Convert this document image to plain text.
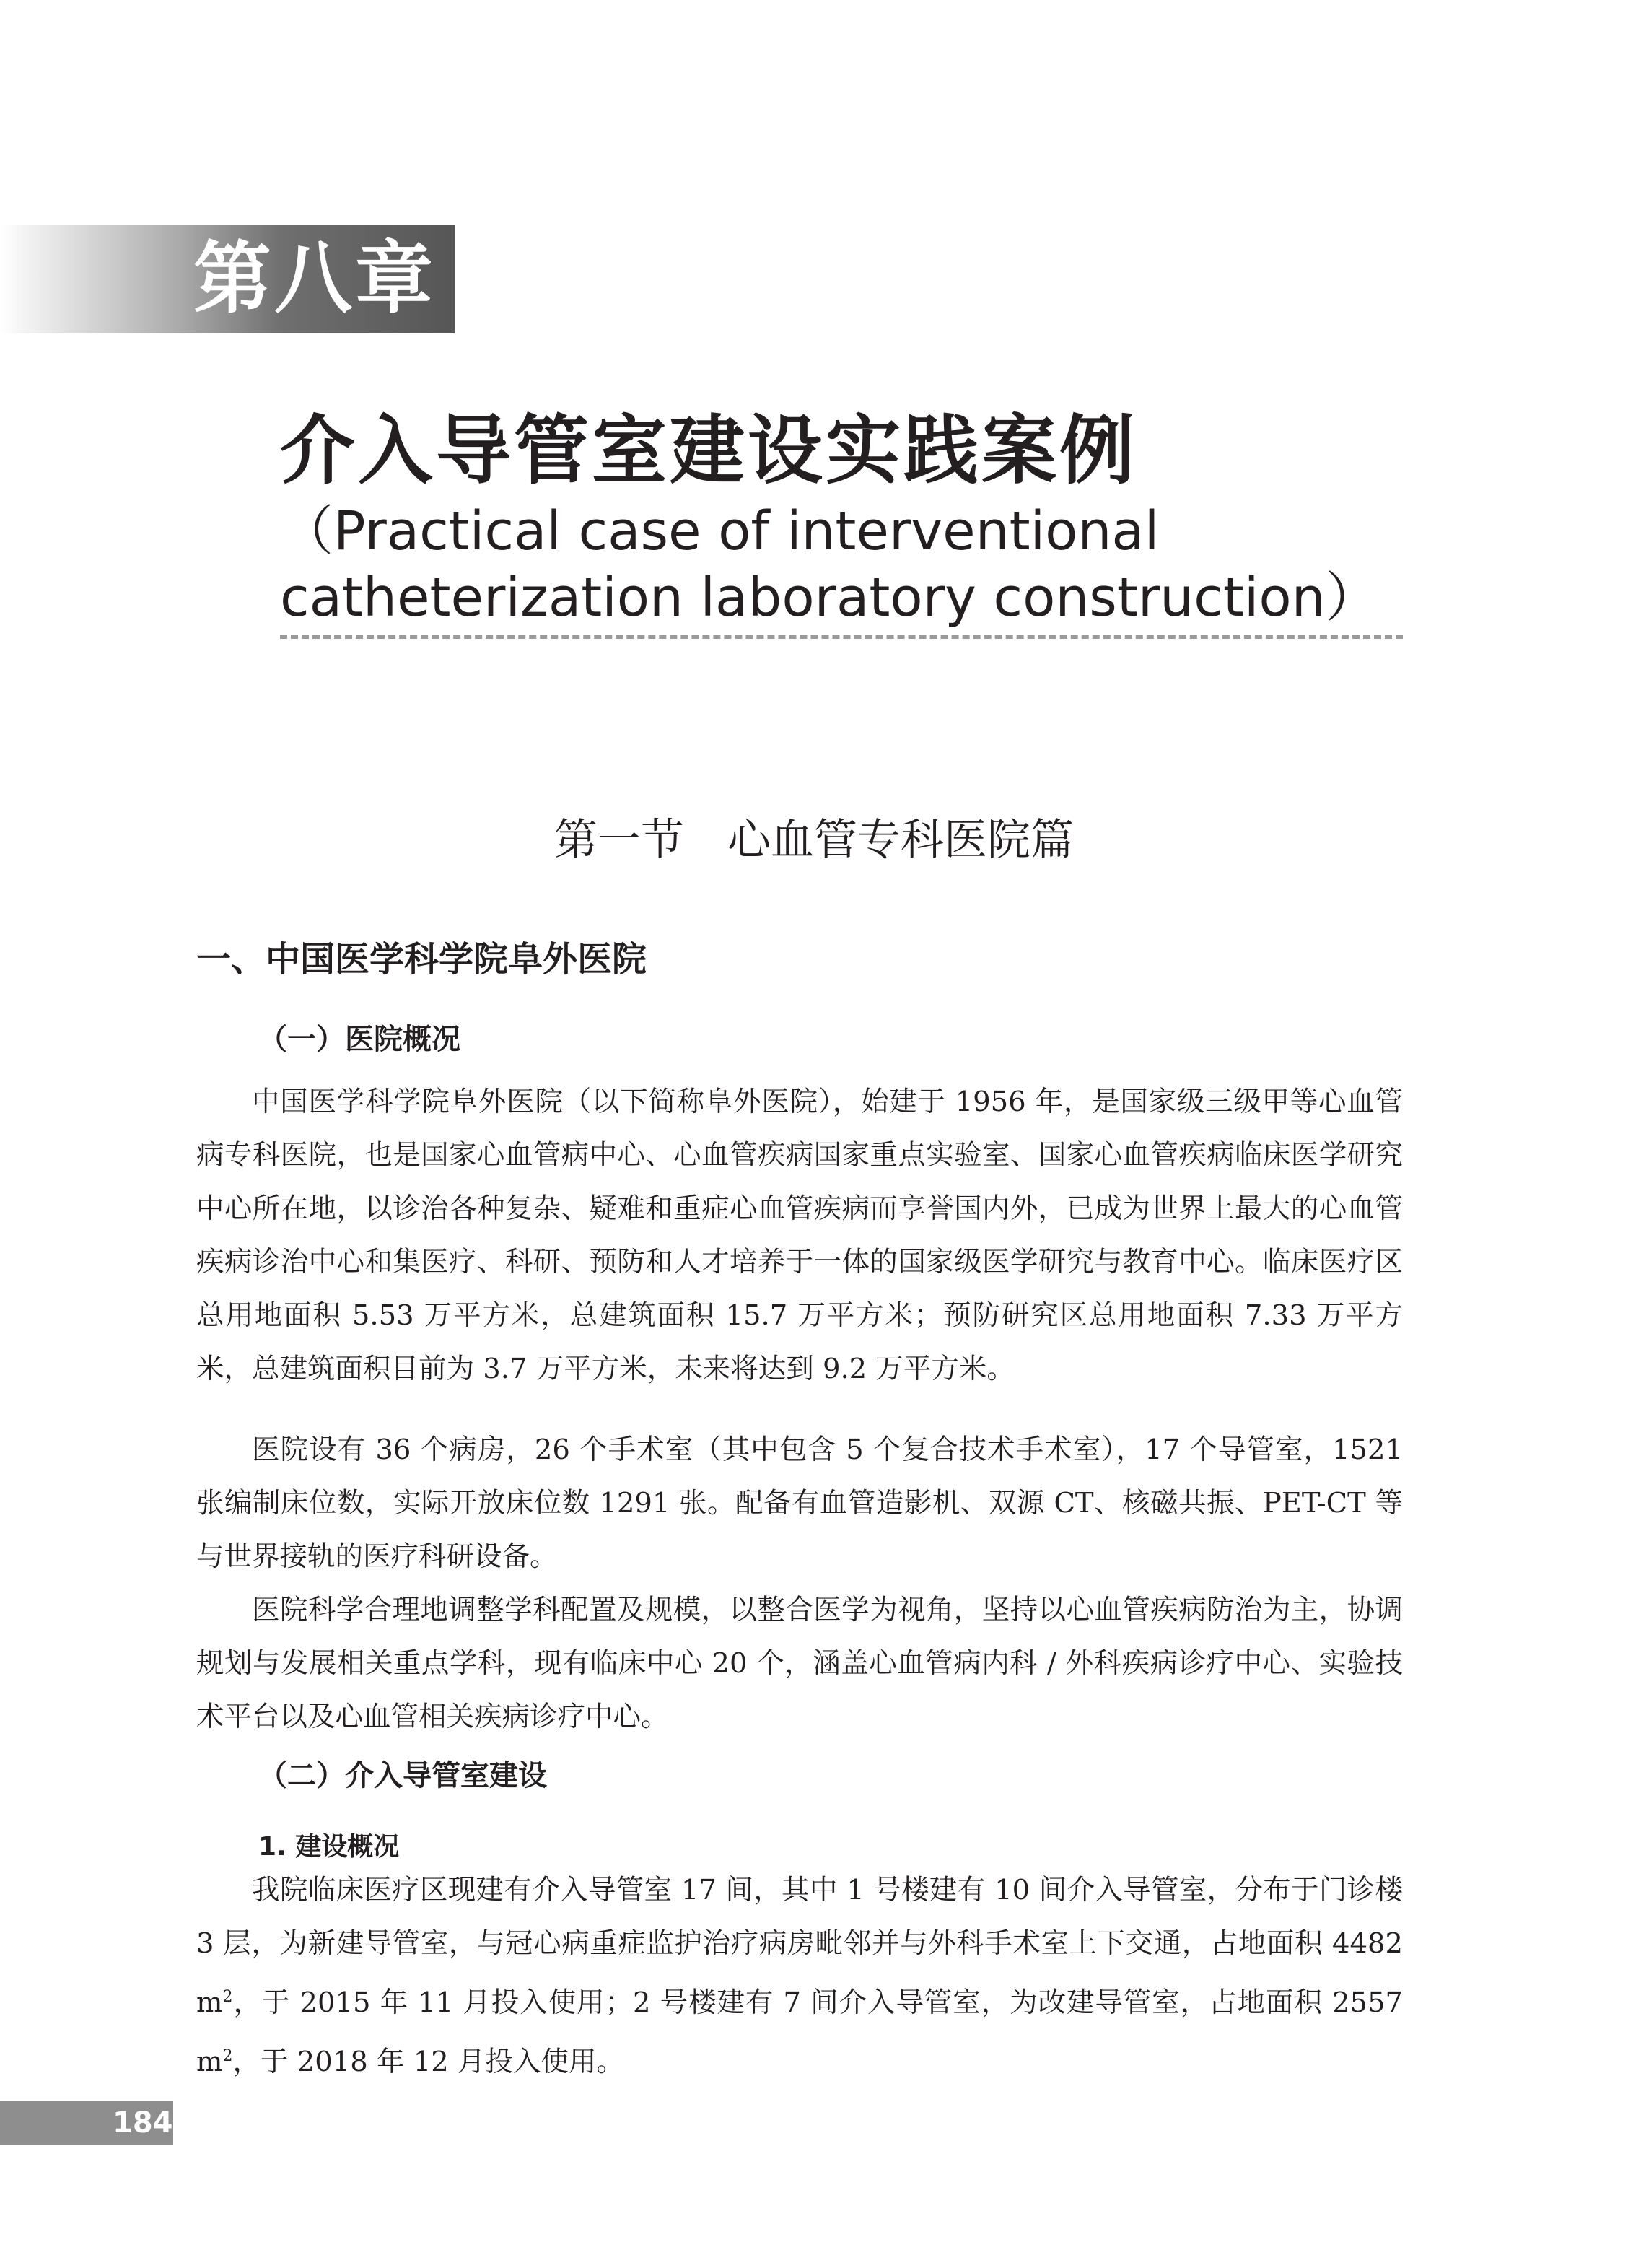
第八章
介入导管室建设实践案例
（Practical case of interventional catheterization laboratory construction）
第一节　心血管专科医院篇
一、中国医学科学院阜外医院
（一）医院概况

中国医学科学院阜外医院（以下简称阜外医院），始建于 1956 年，是国家级三级甲等心血管病专科医院，也是国家心血管病中心、心血管疾病国家重点实验室、国家心血管疾病临床医学研究中心所在地，以诊治各种复杂、疑难和重症心血管疾病而享誉国内外，已成为世界上最大的心血管疾病诊治中心和集医疗、科研、预防和人才培养于一体的国家级医学研究与教育中心。临床医疗区总用地面积 5.53 万平方米，总建筑面积 15.7 万平方米；预防研究区总用地面积 7.33 万平方米，总建筑面积目前为 3.7 万平方米，未来将达到 9.2 万平方米。

医院设有 36 个病房，26 个手术室（其中包含 5 个复合技术手术室），17 个导管室，1521 张编制床位数，实际开放床位数 1291 张。配备有血管造影机、双源 CT、核磁共振、PET-CT 等与世界接轨的医疗科研设备。

医院科学合理地调整学科配置及规模，以整合医学为视角，坚持以心血管疾病防治为主，协调规划与发展相关重点学科，现有临床中心 20 个，涵盖心血管病内科 / 外科疾病诊疗中心、实验技术平台以及心血管相关疾病诊疗中心。

（二）介入导管室建设
1. 建设概况

我院临床医疗区现建有介入导管室 17 间，其中 1 号楼建有 10 间介入导管室，分布于门诊楼 3 层，为新建导管室，与冠心病重症监护治疗病房毗邻并与外科手术室上下交通，占地面积 4482 $m^2$，于 2015 年 11 月投入使用；2 号楼建有 7 间介入导管室，为改建导管室，占地面积 2557 $m^2$，于 2018 年 12 月投入使用。

184
